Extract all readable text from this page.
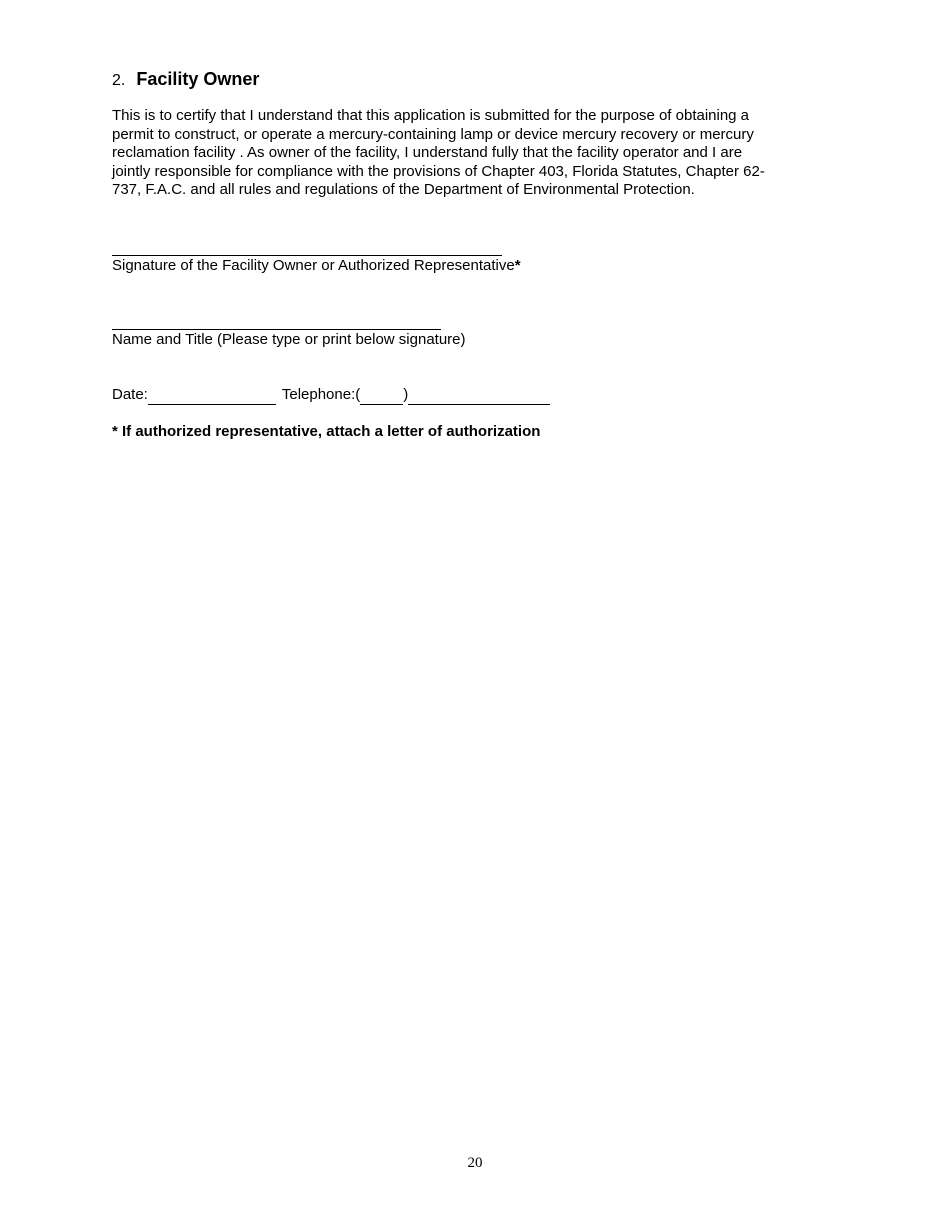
2. Facility Owner
This is to certify that I understand that this application is submitted for the purpose of obtaining a
permit to construct, or operate a mercury-containing lamp or device mercury recovery or mercury
reclamation facility . As owner of the facility, I understand fully that the facility operator and I are
jointly responsible for compliance with the provisions of Chapter 403, Florida Statutes, Chapter 62-
737, F.A.C. and all rules and regulations of the Department of Environmental Protection.
Signature of the Facility Owner or Authorized Representative*
Name and Title (Please type or print below signature)
Date:	Telephone: (	)
* If authorized representative, attach a letter of authorization
20
